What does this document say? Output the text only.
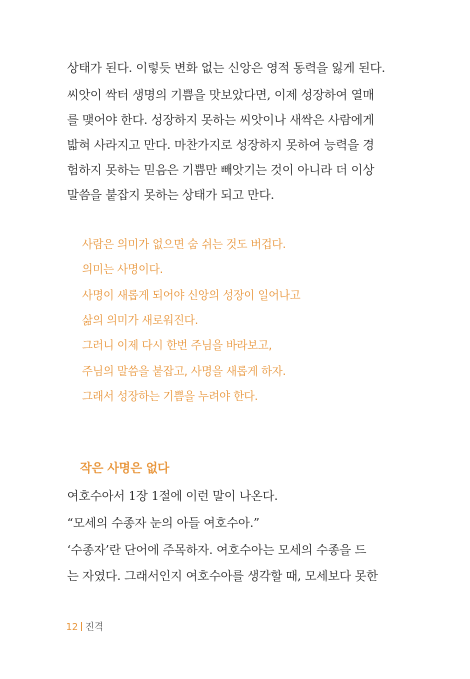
상태가 된다. 이렇듯 변화 없는 신앙은 영적 동력을 잃게 된다.
씨앗이 싹터 생명의 기쁨을 맛보았다면, 이제 성장하여 열매
를 맺어야 한다. 성장하지 못하는 씨앗이나 새싹은 사람에게
밟혀 사라지고 만다. 마찬가지로 성장하지 못하여 능력을 경
험하지 못하는 믿음은 기쁨만 빼앗기는 것이 아니라 더 이상
말씀을 붙잡지 못하는 상태가 되고 만다.
사람은 의미가 없으면 숨 쉬는 것도 버겁다.
의미는 사명이다.
사명이 새롭게 되어야 신앙의 성장이 일어나고
삶의 의미가 새로워진다.
그러니 이제 다시 한번 주님을 바라보고,
주님의 말씀을 붙잡고, 사명을 새롭게 하자.
그래서 성장하는 기쁨을 누려야 한다.
작은 사명은 없다
여호수아서 1장 1절에 이런 말이 나온다.
“모세의 수종자 눈의 아들 여호수아.”
‘수종자’란 단어에 주목하자. 여호수아는 모세의 수종을 드
는 자였다. 그래서인지 여호수아를 생각할 때, 모세보다 못한
12 진격
